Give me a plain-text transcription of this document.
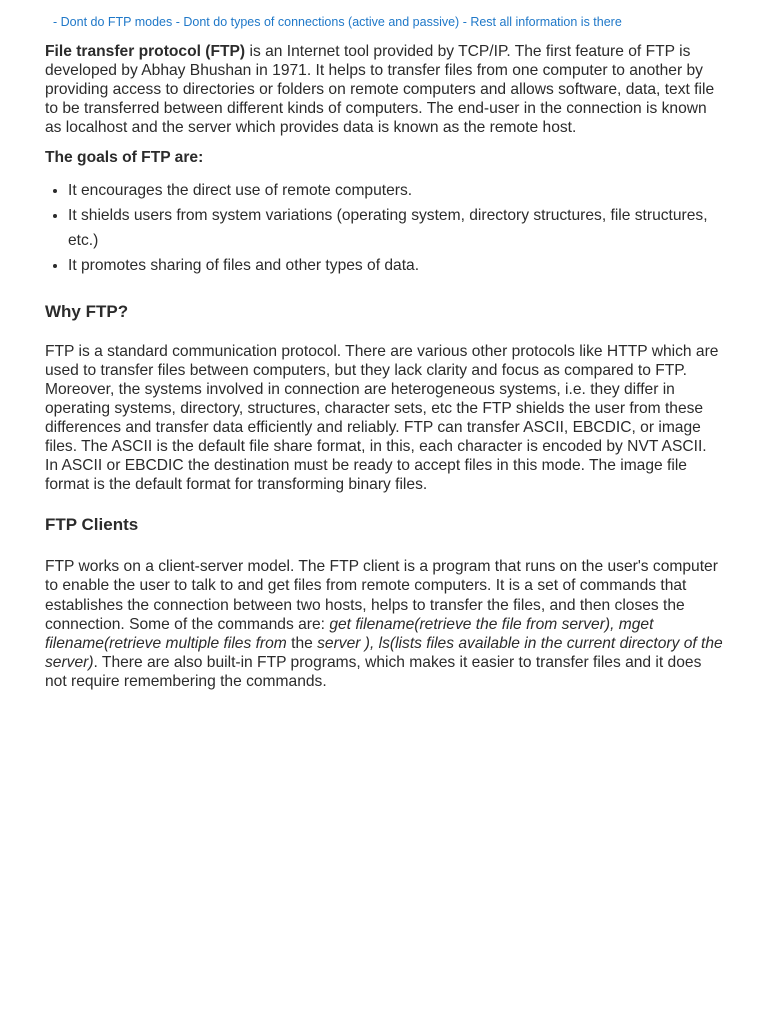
- Dont do FTP modes - Dont do types of connections (active and passive) - Rest all information is there

File transfer protocol (FTP) is an Internet tool provided by TCP/IP. The first feature of FTP is developed by Abhay Bhushan in 1971. It helps to transfer files from one computer to another by providing access to directories or folders on remote computers and allows software, data, text file to be transferred between different kinds of computers. The end-user in the connection is known as localhost and the server which provides data is known as the remote host.

The goals of FTP are:

• It encourages the direct use of remote computers.
• It shields users from system variations (operating system, directory structures, file structures, etc.)
• It promotes sharing of files and other types of data.
Why FTP?

FTP is a standard communication protocol. There are various other protocols like HTTP which are used to transfer files between computers, but they lack clarity and focus as compared to FTP. Moreover, the systems involved in connection are heterogeneous systems, i.e. they differ in operating systems, directory, structures, character sets, etc the FTP shields the user from these differences and transfer data efficiently and reliably. FTP can transfer ASCII, EBCDIC, or image files. The ASCII is the default file share format, in this, each character is encoded by NVT ASCII. In ASCII or EBCDIC the destination must be ready to accept files in this mode. The image file format is the default format for transforming binary files.

FTP Clients

FTP works on a client-server model. The FTP client is a program that runs on the user's computer to enable the user to talk to and get files from remote computers. It is a set of commands that establishes the connection between two hosts, helps to transfer the files, and then closes the connection. Some of the commands are: get filename(retrieve the file from server), mget filename(retrieve multiple files from the server ), ls(lists files available in the current directory of the server). There are also built-in FTP programs, which makes it easier to transfer files and it does not require remembering the commands.
